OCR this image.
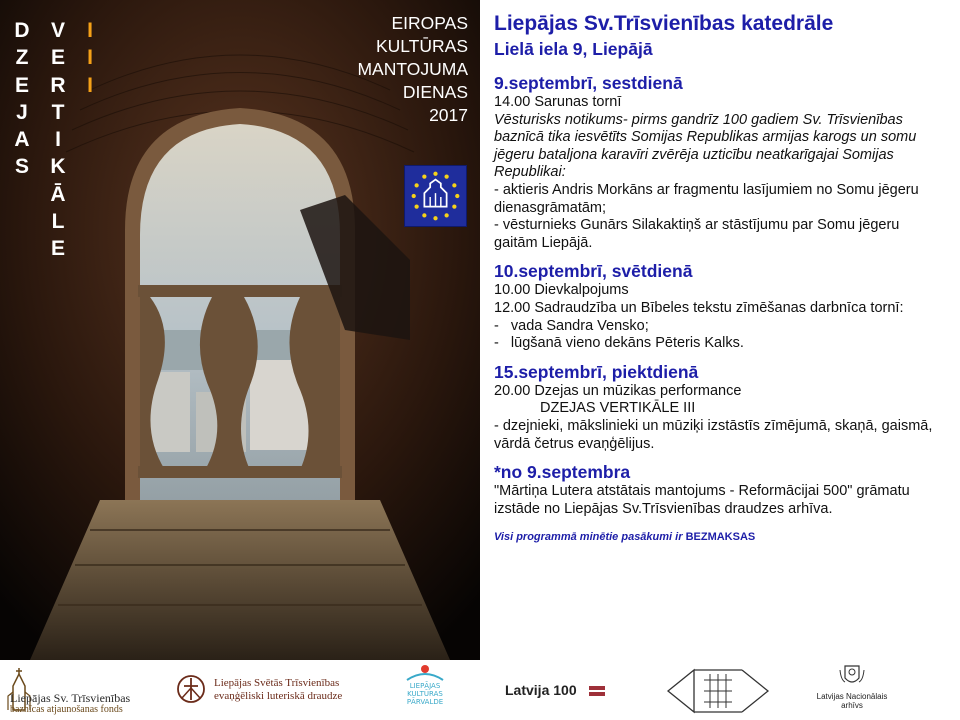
D
Z
E
J
A
S
V
E
R
T
I
K
Ā
L
E
I
I
I
EIROPAS
KULTŪRAS
MANTOJUMA
DIENAS
2017
Liepājas Sv.Trīsvienības katedrāle
Lielā iela 9, Liepājā
9.septembrī, sestdienā
14.00 Sarunas tornī
Vēsturisks notikums- pirms gandrīz 100 gadiem Sv. Trīsvienības baznīcā tika iesvētīts Somijas Republikas armijas karogs un somu jēgeru bataljona karavīri zvērēja uzticību neatkarīgajai Somijas Republikai:
- aktieris Andris Morkāns ar fragmentu lasījumiem no Somu jēgeru dienasgrāmatām;
- vēsturnieks Gunārs Silakaktiņš ar stāstījumu par Somu jēgeru gaitām Liepājā.
10.septembrī, svētdienā
10.00 Dievkalpojums
12.00 Sadraudzība un Bībeles tekstu zīmēšanas darbnīca tornī:
-   vada Sandra Vensko;
-   lūgšanā vieno dekāns Pēteris Kalks.
15.septembrī, piektdienā
20.00 Dzejas un mūzikas performance
DZEJAS VERTIKĀLE III
- dzejnieki, mākslinieki un mūziķi izstāstīs zīmējumā, skaņā, gaismā, vārdā četrus evaņģēlijus.
*no 9.septembra
"Mārtiņa Lutera atstātais mantojums - Reformācijai 500" grāmatu izstāde no Liepājas Sv.Trīsvienības draudzes arhīva.
Visi programmā minētie pasākumi ir BEZMAKSAS
Liepājas Sv. Trīsvienības
baznīcas atjaunošanas fonds
Liepājas Svētās Trīsvienības
evaņģēliski luteriskā draudze
LIEPĀJAS
KULTŪRAS
PĀRVALDE
Latvija 100	Latvijas Nacionālais
arhīvs
